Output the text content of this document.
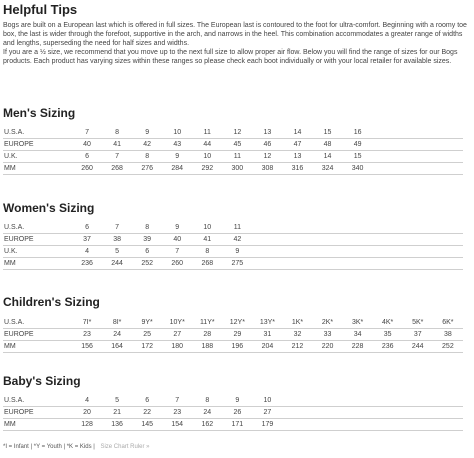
Helpful Tips

Bogs are built on a European last which is offered in full sizes. The European last is contoured to the foot for ultra-comfort. Beginning with a roomy toe box, the last is wider through the forefoot, supportive in the arch, and narrows in the heel. This combination accommodates a greater range of widths and lengths, superseding the need for half sizes and widths.

If you are a ½ size, we recommend that you move up to the next full size to allow proper air flow. Below you will find the range of sizes for our Bogs products. Each product has varying sizes within these ranges so please check each boot individually or with your local retailer for available sizes.

Men's Sizing
U.S.A.	7	8	9	10	11	12	13	14	15	16			
EUROPE	40	41	42	43	44	45	46	47	48	49			
U.K.	6	7	8	9	10	11	12	13	14	15			
MM	260	268	276	284	292	300	308	316	324	340			
Women's Sizing
U.S.A.	6	7	8	9	10	11							
EUROPE	37	38	39	40	41	42							
U.K.	4	5	6	7	8	9							
MM	236	244	252	260	268	275							
Children's Sizing
U.S.A.	7I*	8I*	9Y*	10Y*	11Y*	12Y*	13Y*	1K*	2K*	3K*	4K*	5K*	6K*
EUROPE	23	24	25	27	28	29	31	32	33	34	35	37	38
MM	156	164	172	180	188	196	204	212	220	228	236	244	252
Baby's Sizing
U.S.A.	4	5	6	7	8	9	10						
EUROPE	20	21	22	23	24	26	27						
MM	128	136	145	154	162	171	179						
*I = Infant | *Y = Youth | *K = Kids | Size Chart Ruler »
